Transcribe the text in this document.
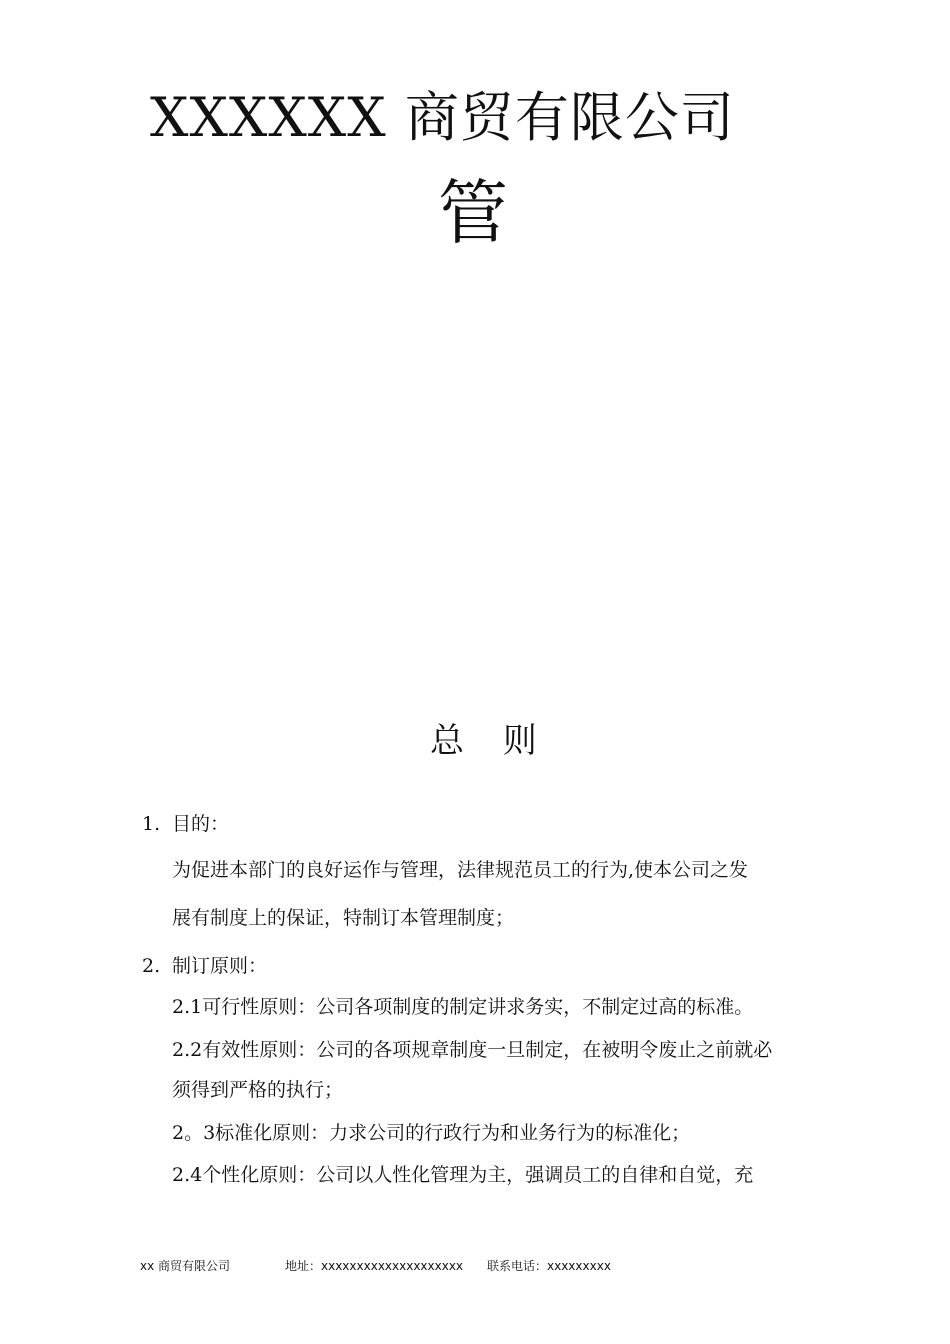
XXXXXX 商贸有限公司
管
总 则
1. 目的：
为促进本部门的良好运作与管理，法律规范员工的行为,使本公司之发
展有制度上的保证，特制订本管理制度；
2. 制订原则：
2.1可行性原则：公司各项制度的制定讲求务实，不制定过高的标准。
2.2有效性原则：公司的各项规章制度一旦制定，在被明令废止之前就必
须得到严格的执行；
2。3标准化原则：力求公司的行政行为和业务行为的标准化；
2.4个性化原则：公司以人性化管理为主，强调员工的自律和自觉，充
xx 商贸有限公司	地址：xxxxxxxxxxxxxxxxxxxx 联系电话：xxxxxxxxx
